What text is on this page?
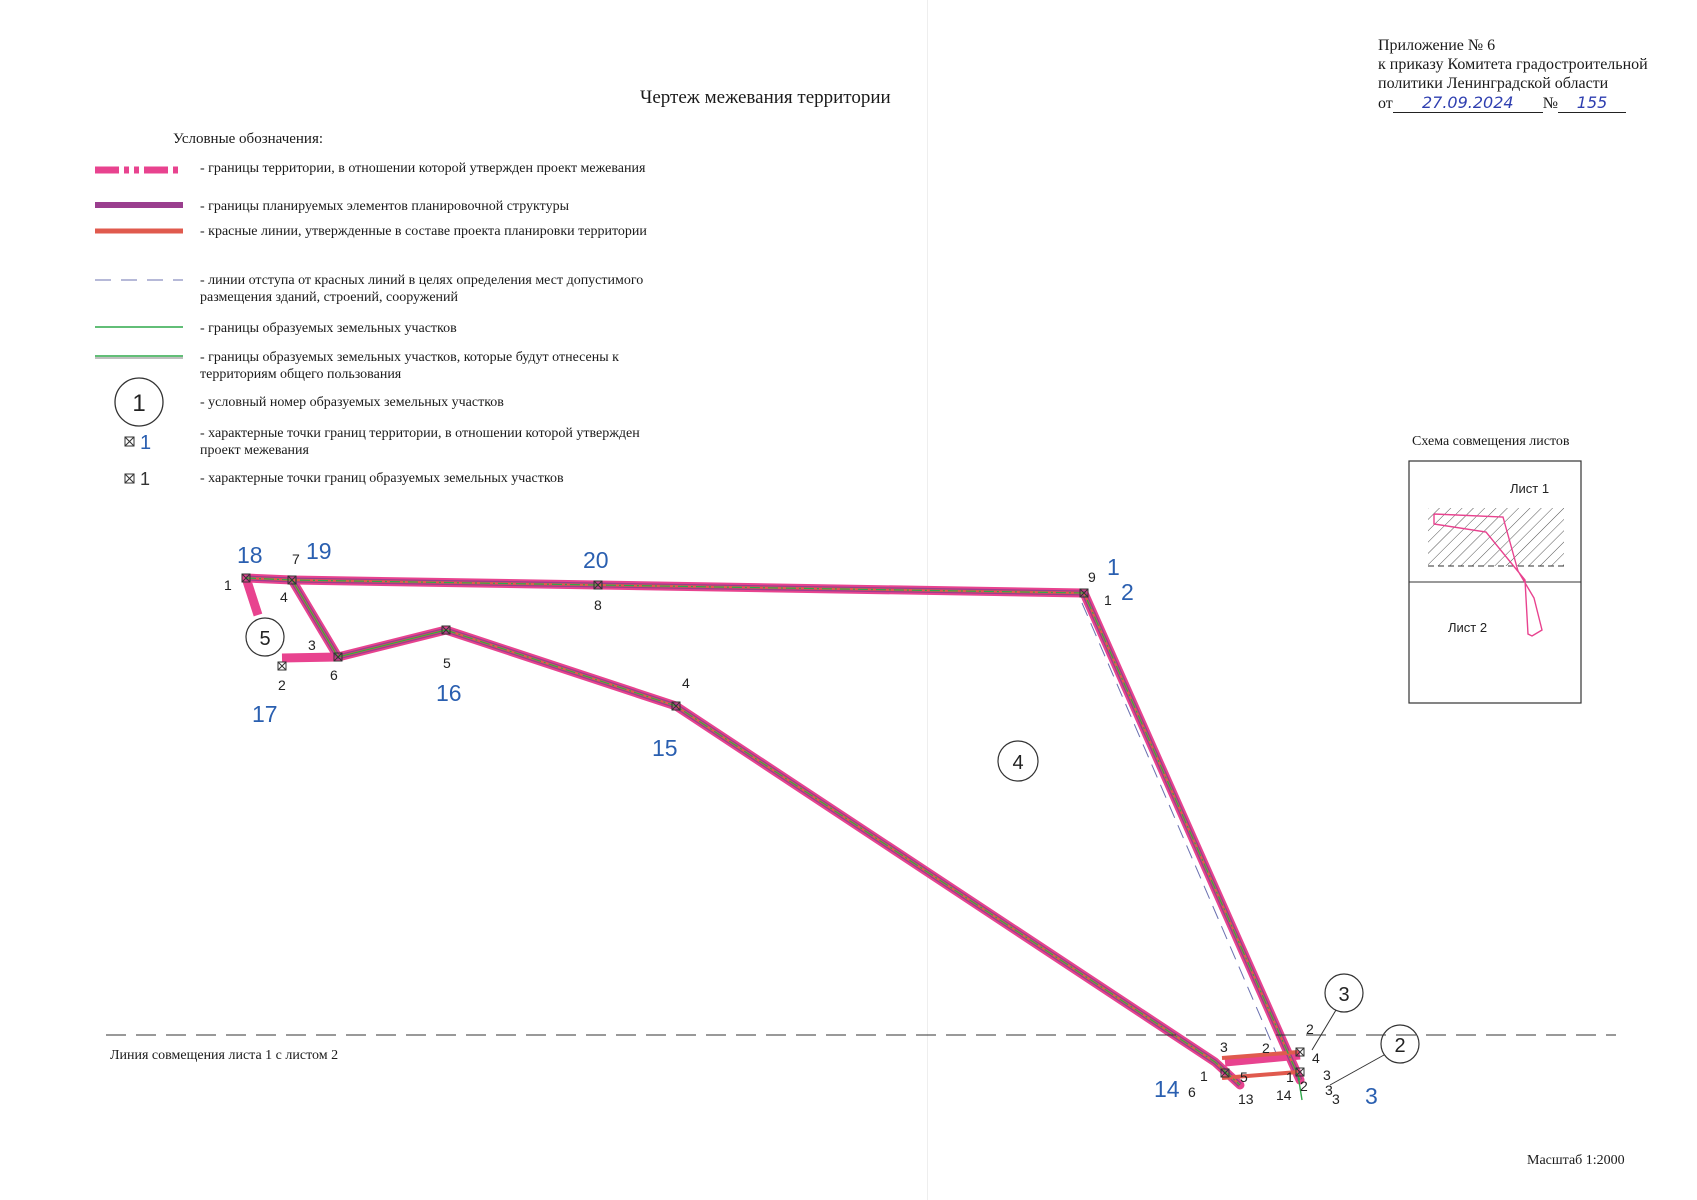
Приложение № 6
к приказу Комитета градостроительной
политики Ленинградской области
от 27.09.2024 № 155
Чертеж межевания территории
Условные обозначения:
1
1
1
- границы территории, в отношении которой утвержден проект межевания
- границы планируемых элементов планировочной структуры
- красные линии, утвержденные в составе проекта планировки территории
- линии отступа от красных линий в целях определения мест допустимого размещения зданий, строений, сооружений
- границы образуемых земельных участков
- границы образуемых земельных участков, которые будут отнесены к территориям общего пользования
- условный номер образуемых земельных участков
- характерные точки границ территории, в отношении которой утвержден проект межевания
- характерные точки границ образуемых земельных участков
Схема совмещения листов
Лист 1
Лист 2
18 19	20	1
2
3
14
15
16
17
1
7
4
9
1
8
3
6
5
4
2
2
3
4
3
2
1
6
5
13 14
1
2 3
3
5
4
3
2
Линия совмещения листа 1 с листом 2
Масштаб 1:2000
